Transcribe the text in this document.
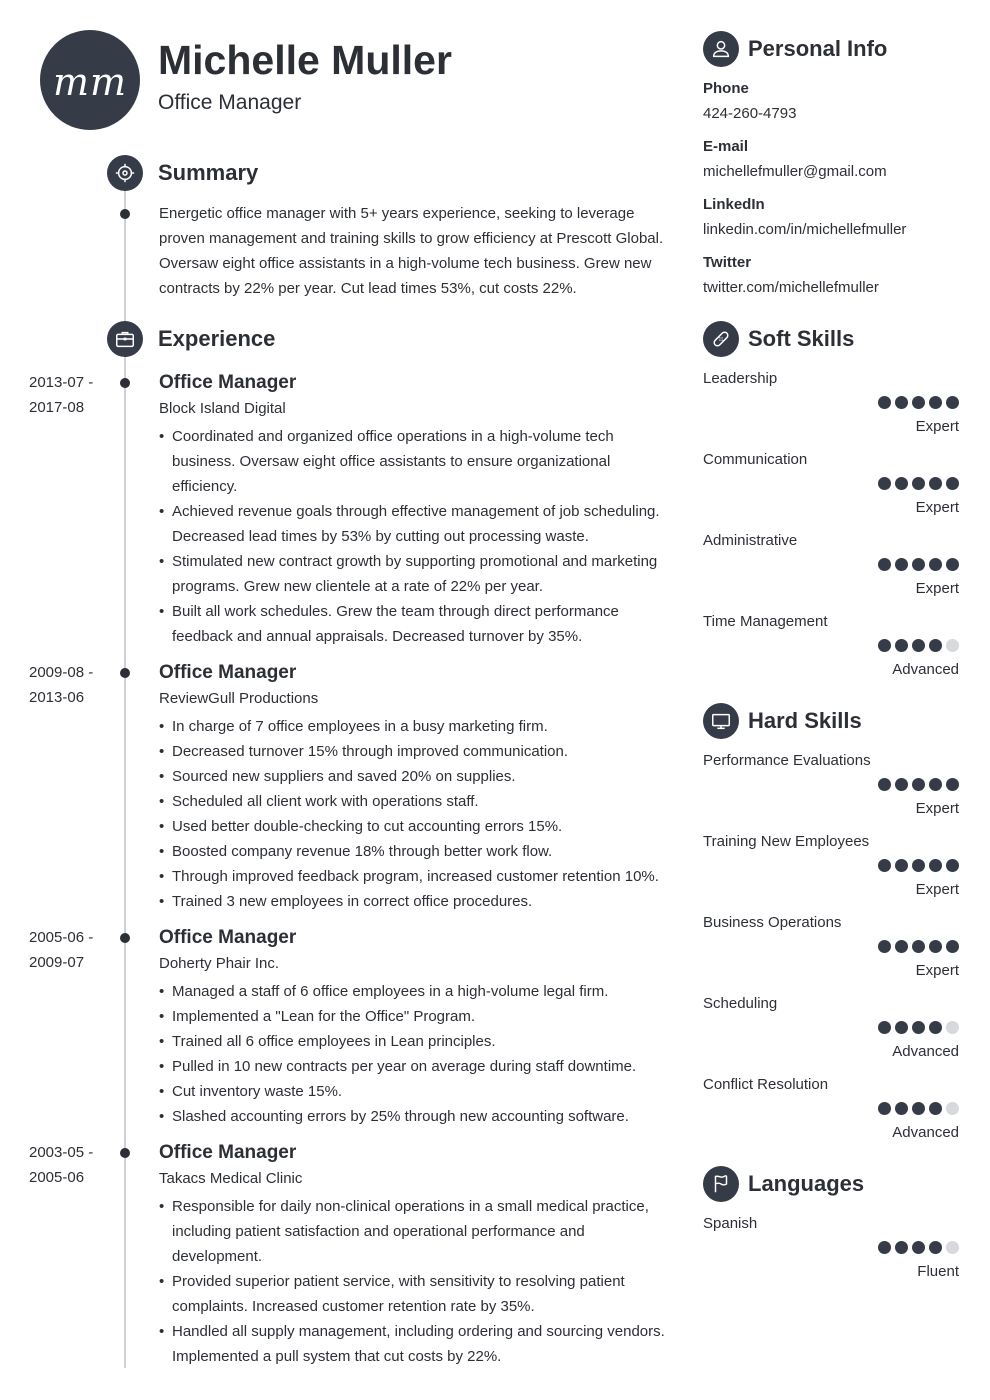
mm Michelle Muller
Office Manager
Summary
Energetic office manager with 5+ years experience, seeking to leverage proven management and training skills to grow efficiency at Prescott Global. Oversaw eight office assistants in a high-volume tech business. Grew new contracts by 22% per year. Cut lead times 53%, cut costs 22%.
Experience
2013-07 -
2017-08
Office Manager
Block Island Digital
• Coordinated and organized office operations in a high-volume tech business. Oversaw eight office assistants to ensure organizational efficiency.
• Achieved revenue goals through effective management of job scheduling. Decreased lead times by 53% by cutting out processing waste.
• Stimulated new contract growth by supporting promotional and marketing programs. Grew new clientele at a rate of 22% per year.
• Built all work schedules. Grew the team through direct performance feedback and annual appraisals. Decreased turnover by 35%.
2009-08 -
2013-06
Office Manager
ReviewGull Productions
• In charge of 7 office employees in a busy marketing firm.
• Decreased turnover 15% through improved communication.
• Sourced new suppliers and saved 20% on supplies.
• Scheduled all client work with operations staff.
• Used better double-checking to cut accounting errors 15%.
• Boosted company revenue 18% through better work flow.
• Through improved feedback program, increased customer retention 10%.
• Trained 3 new employees in correct office procedures.
2005-06 -
2009-07
Office Manager
Doherty Phair Inc.
• Managed a staff of 6 office employees in a high-volume legal firm.
• Implemented a "Lean for the Office" Program.
• Trained all 6 office employees in Lean principles.
• Pulled in 10 new contracts per year on average during staff downtime.
• Cut inventory waste 15%.
• Slashed accounting errors by 25% through new accounting software.
2003-05 -
2005-06
Office Manager
Takacs Medical Clinic
• Responsible for daily non-clinical operations in a small medical practice, including patient satisfaction and operational performance and development.
• Provided superior patient service, with sensitivity to resolving patient complaints. Increased customer retention rate by 35%.
• Handled all supply management, including ordering and sourcing vendors. Implemented a pull system that cut costs by 22%.
Personal Info
Phone
424-260-4793
E-mail
michellefmuller@gmail.com
LinkedIn
linkedin.com/in/michellefmuller
Twitter
twitter.com/michellefmuller
Soft Skills
Leadership
Expert
Communication
Expert
Administrative
Expert
Time Management
Advanced
Hard Skills
Performance Evaluations
Expert
Training New Employees
Expert
Business Operations
Expert
Scheduling
Advanced
Conflict Resolution
Advanced
Languages
Spanish
Fluent
